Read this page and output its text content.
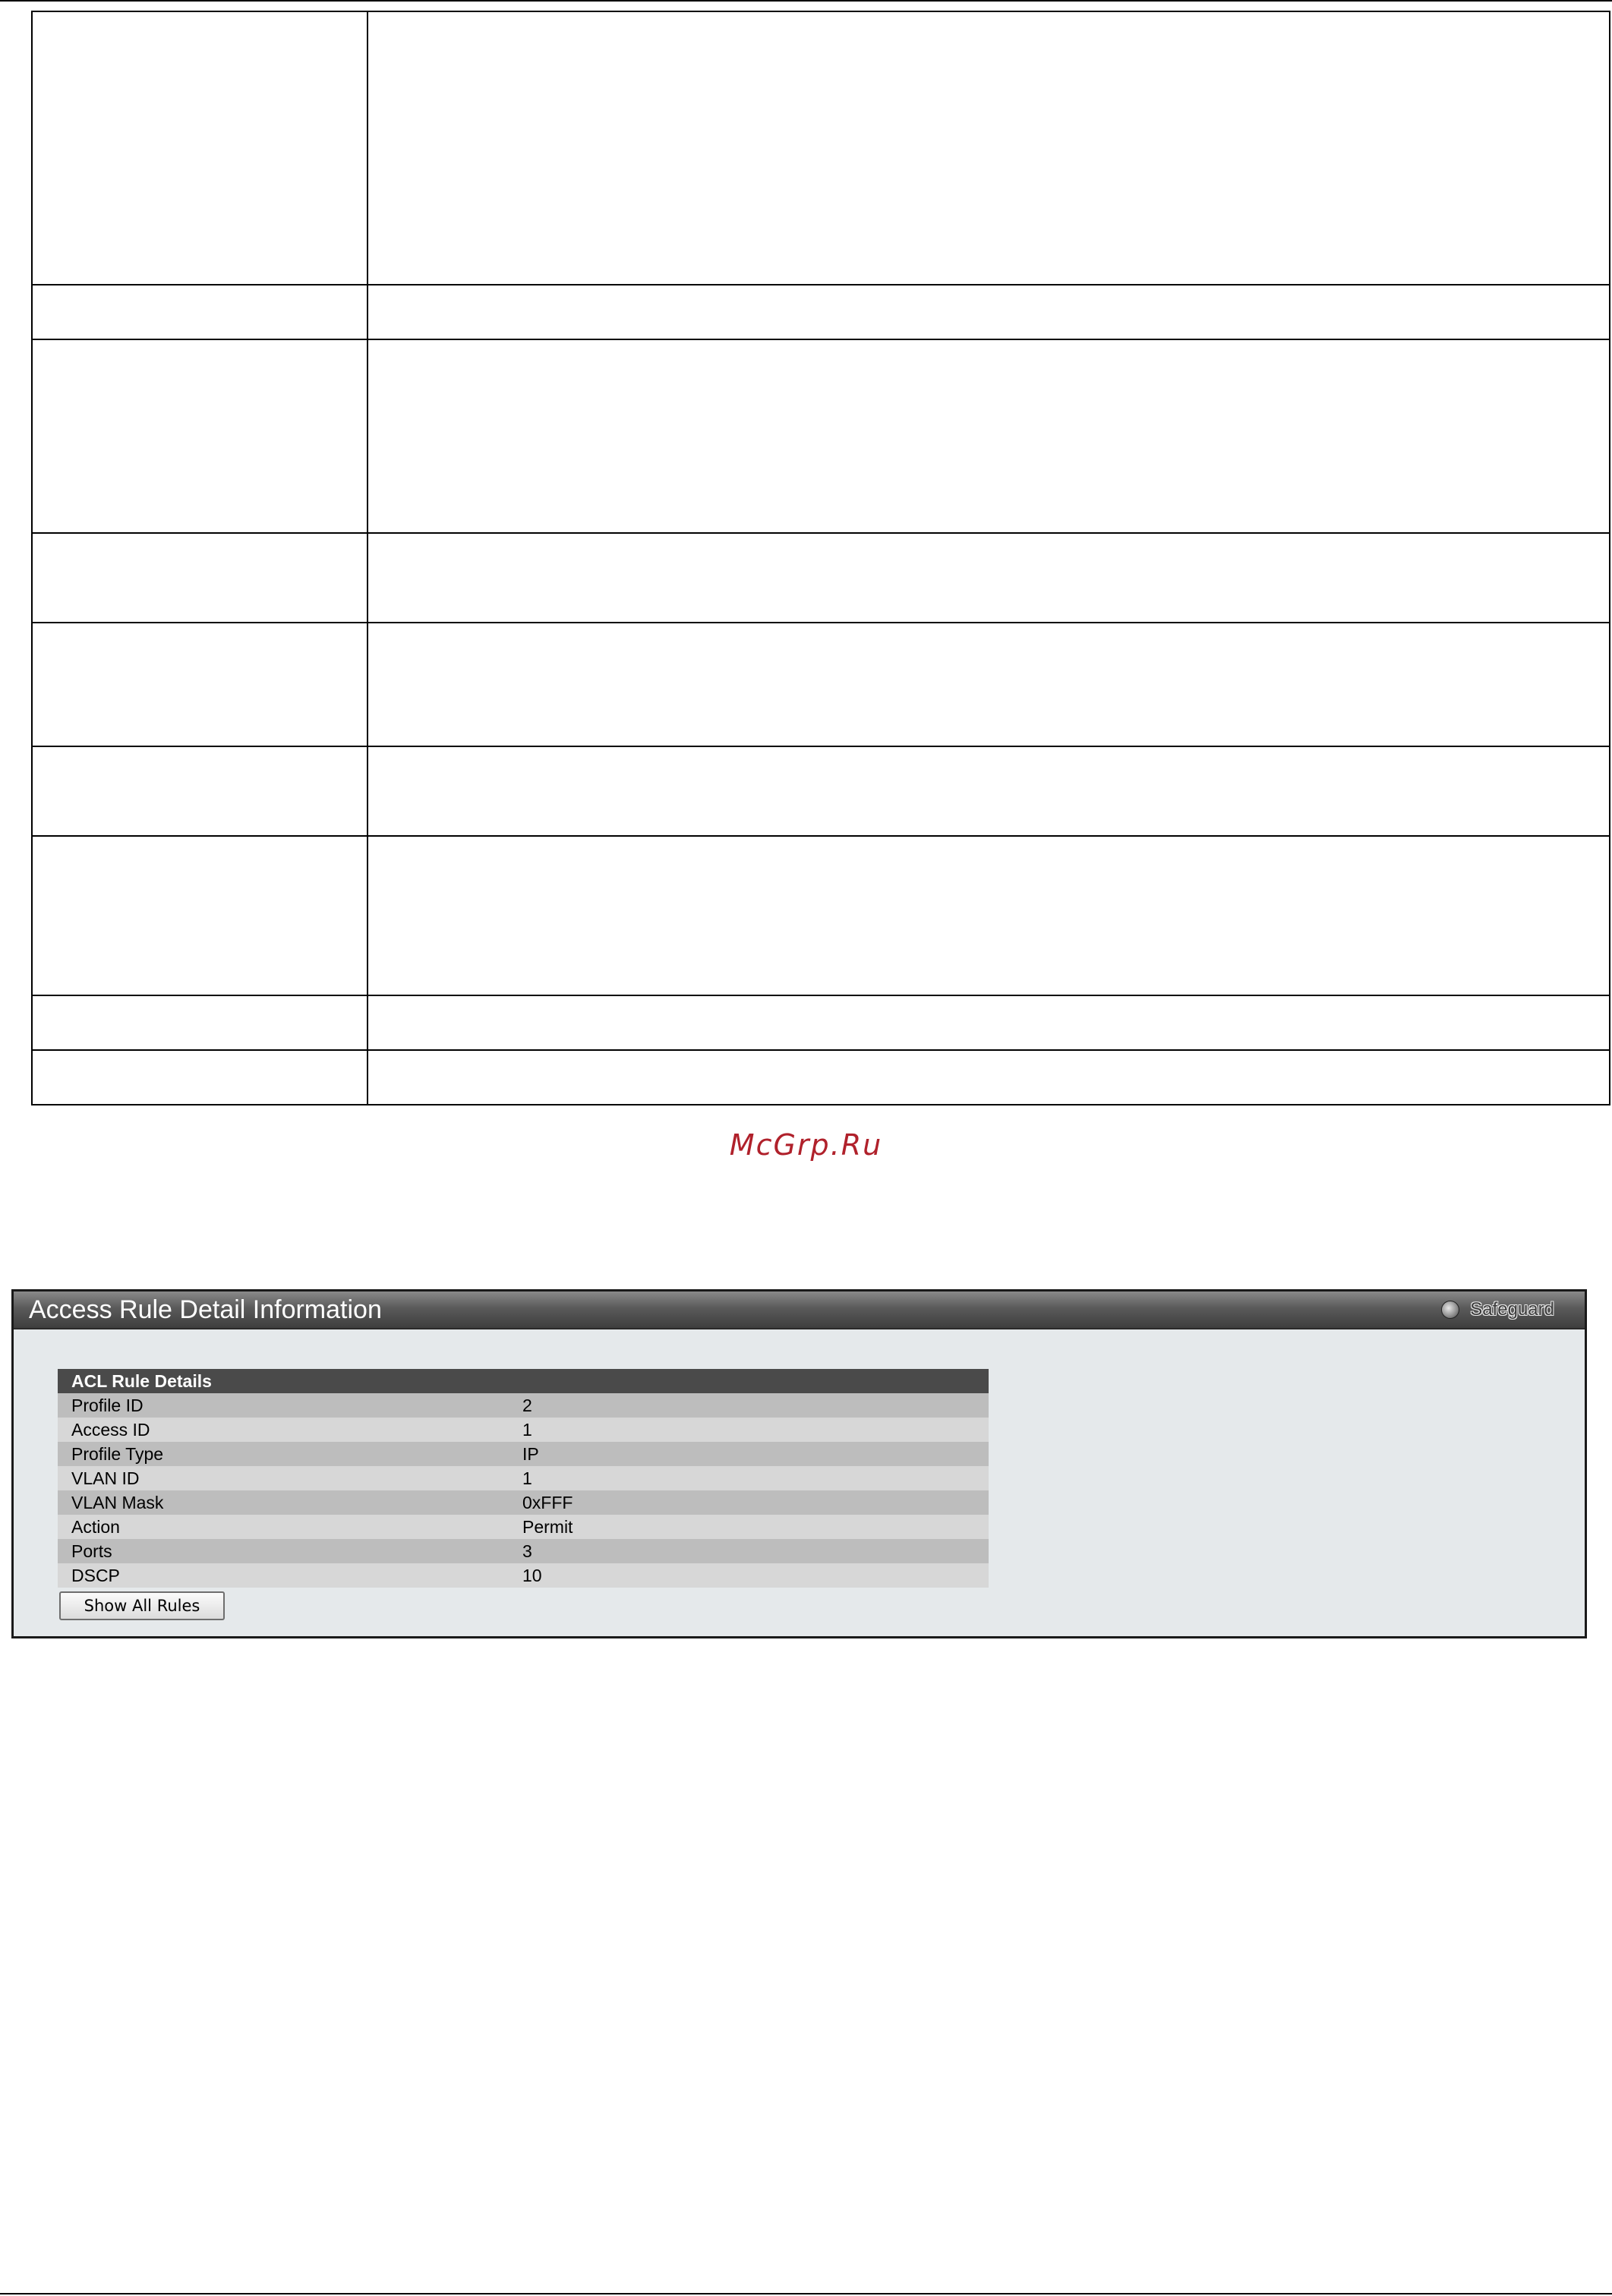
McGrp.Ru
Access Rule Detail Information	Safeguard
ACL Rule Details	
Profile ID	2
Access ID	1
Profile Type	IP
VLAN ID	1
VLAN Mask	0xFFF
Action	Permit
Ports	3
DSCP	10
Show All Rules
